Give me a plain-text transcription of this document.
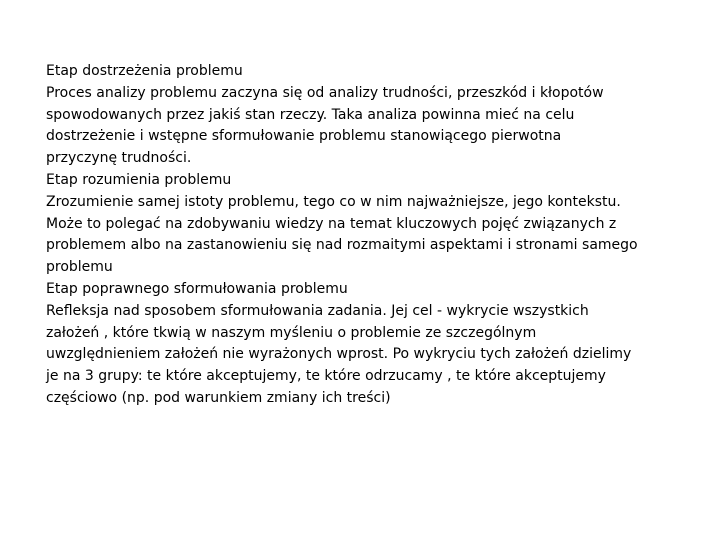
Etap dostrzeżenia problemu
Proces analizy problemu zaczyna się od analizy trudności, przeszkód i kłopotów
spowodowanych przez jakiś stan rzeczy. Taka analiza powinna mieć na celu
dostrzeżenie i wstępne sformułowanie problemu stanowiącego pierwotna
przyczynę trudności.
Etap rozumienia problemu
Zrozumienie samej istoty problemu, tego co w nim najważniejsze, jego kontekstu.
Może to polegać na zdobywaniu wiedzy na temat kluczowych pojęć związanych z
problemem albo na zastanowieniu się nad rozmaitymi aspektami i stronami samego
problemu
Etap poprawnego sformułowania problemu
Refleksja nad sposobem sformułowania zadania. Jej cel - wykrycie wszystkich
założeń , które tkwią w naszym myśleniu o problemie ze szczególnym
uwzględnieniem założeń nie wyrażonych wprost. Po wykryciu tych założeń dzielimy
je na 3 grupy: te które akceptujemy, te które odrzucamy , te które akceptujemy
częściowo (np. pod warunkiem zmiany ich treści)
